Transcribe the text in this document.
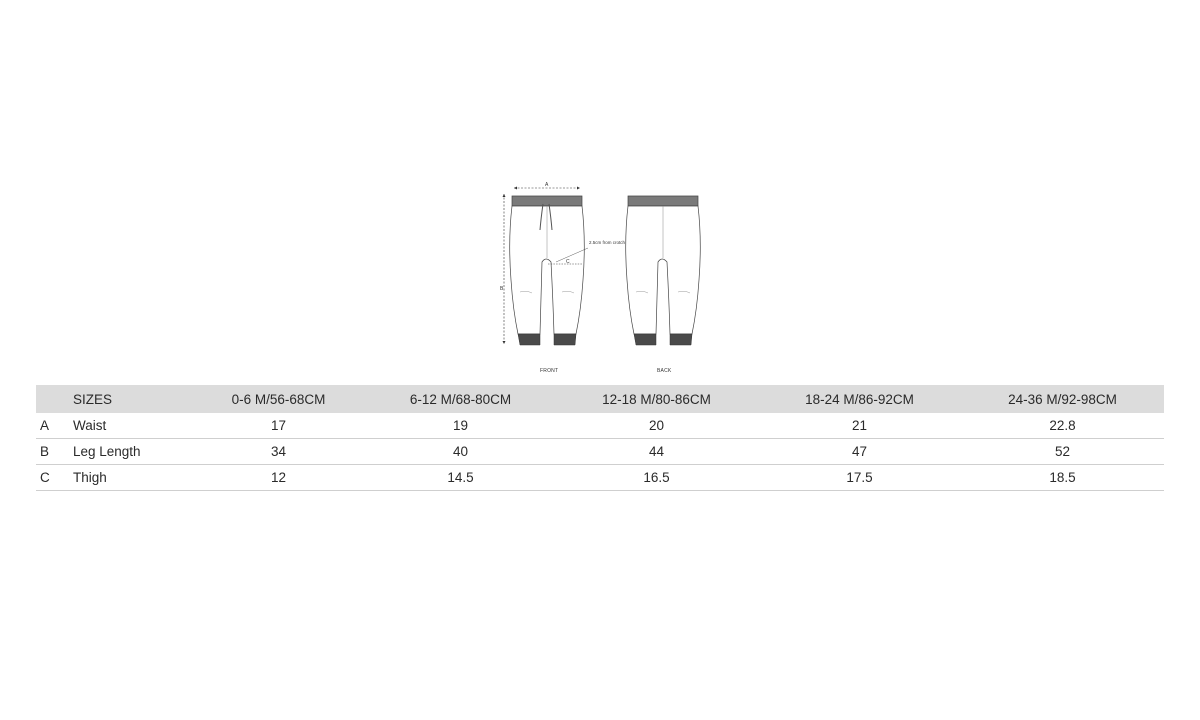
A
C
B
2.5cm from crotch
FRONT	BACK
	SIZES	0-6 M/56-68CM	6-12 M/68-80CM	12-18 M/80-86CM	18-24 M/86-92CM	24-36 M/92-98CM
A	Waist	17	19	20	21	22.8
B	Leg Length	34	40	44	47	52
C	Thigh	12	14.5	16.5	17.5	18.5
